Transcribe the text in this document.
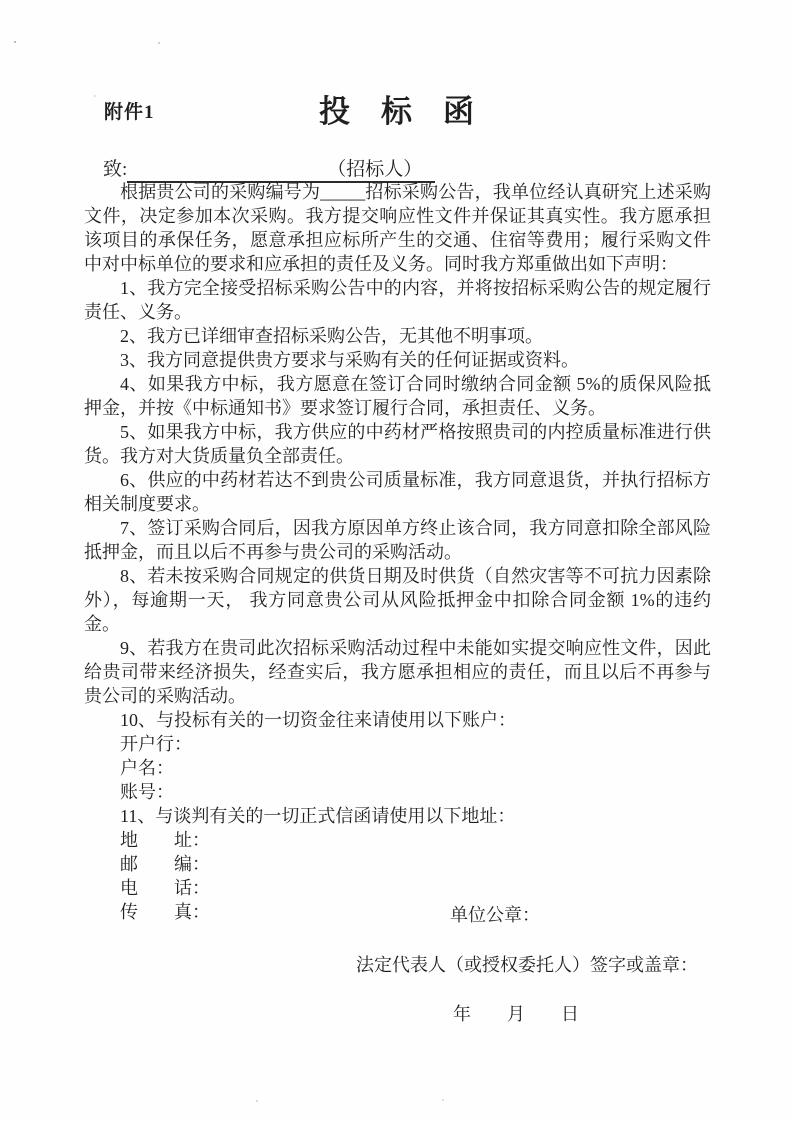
附件1	投　标　函
致:	（招标人）

根据贵公司的采购编号为_____招标采购公告，我单位经认真研究上述采购文件，决定参加本次采购。我方提交响应性文件并保证其真实性。我方愿承担该项目的承保任务，愿意承担应标所产生的交通、住宿等费用；履行采购文件中对中标单位的要求和应承担的责任及义务。同时我方郑重做出如下声明：

1、我方完全接受招标采购公告中的内容，并将按招标采购公告的规定履行责任、义务。

2、我方已详细审查招标采购公告，无其他不明事项。

3、我方同意提供贵方要求与采购有关的任何证据或资料。

4、如果我方中标，我方愿意在签订合同时缴纳合同金额 5%的质保风险抵押金，并按《中标通知书》要求签订履行合同，承担责任、义务。

5、如果我方中标，我方供应的中药材严格按照贵司的内控质量标准进行供货。我方对大货质量负全部责任。

6、供应的中药材若达不到贵公司质量标准，我方同意退货，并执行招标方相关制度要求。

7、签订采购合同后，因我方原因单方终止该合同，我方同意扣除全部风险抵押金，而且以后不再参与贵公司的采购活动。

8、若未按采购合同规定的供货日期及时供货（自然灾害等不可抗力因素除外），每逾期一天， 我方同意贵公司从风险抵押金中扣除合同金额 1%的违约金。

9、若我方在贵司此次招标采购活动过程中未能如实提交响应性文件，因此给贵司带来经济损失，经查实后，我方愿承担相应的责任，而且以后不再参与贵公司的采购活动。

10、与投标有关的一切资金往来请使用以下账户：

开户行：

户名：

账号：

11、与谈判有关的一切正式信函请使用以下地址：

地　　址：

邮　　编：

电　　话：

传　　真：	单位公章：
法定代表人（或授权委托人）签字或盖章：
年　　月　　日
